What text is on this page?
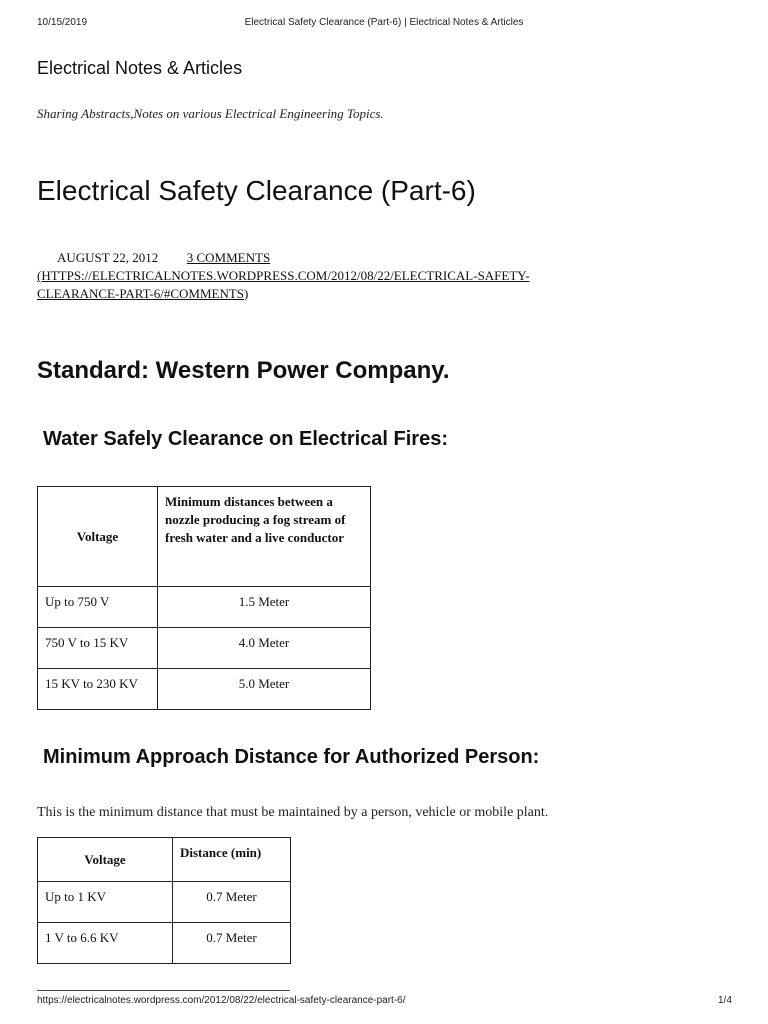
10/15/2019	Electrical Safety Clearance (Part-6) | Electrical Notes & Articles
Electrical Notes & Articles
Sharing Abstracts,Notes on various Electrical Engineering Topics.
Electrical Safety Clearance (Part-6)
AUGUST 22, 2012 3 COMMENTS
(HTTPS://ELECTRICALNOTES.WORDPRESS.COM/2012/08/22/ELECTRICAL-SAFETY-
CLEARANCE-PART-6/#COMMENTS)
Standard: Western Power Company.
Water Safely Clearance on Electrical Fires:
Voltage	Minimum distances between a nozzle producing a fog stream of fresh water and a live conductor
Up to 750 V	1.5 Meter
750 V to 15 KV	4.0 Meter
15 KV to 230 KV	5.0 Meter
Minimum Approach Distance for Authorized Person:
This is the minimum distance that must be maintained by a person, vehicle or mobile plant.
Voltage	Distance (min)
Up to 1 KV	0.7 Meter
1 V to 6.6 KV	0.7 Meter
https://electricalnotes.wordpress.com/2012/08/22/electrical-safety-clearance-part-6/	1/4
